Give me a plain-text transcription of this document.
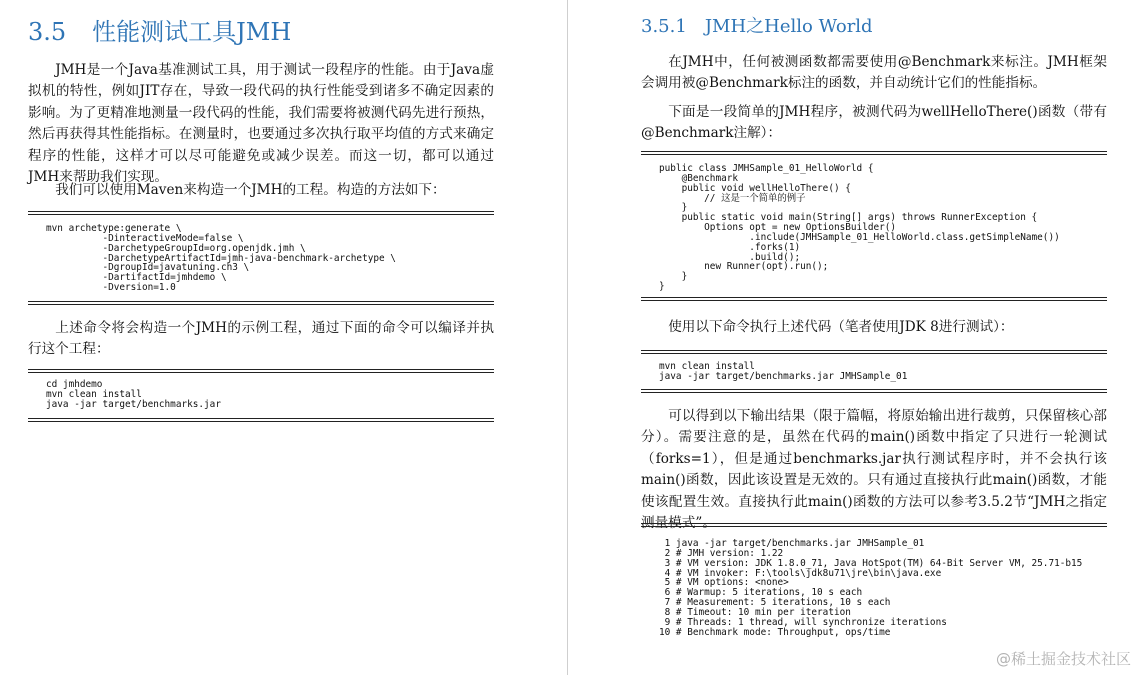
3.5 性能测试工具JMH

JMH是一个Java基准测试工具，用于测试一段程序的性能。由于Java虚拟机的特性，例如JIT存在，导致一段代码的执行性能受到诸多不确定因素的影响。为了更精准地测量一段代码的性能，我们需要将被测代码先进行预热，然后再获得其性能指标。在测量时，也要通过多次执行取平均值的方式来确定程序的性能，这样才可以尽可能避免或减少误差。而这一切，都可以通过JMH来帮助我们实现。

我们可以使用Maven来构造一个JMH的工程。构造的方法如下：

mvn archetype:generate \
-DinteractiveMode=false \
-DarchetypeGroupId=org.openjdk.jmh \
-DarchetypeArtifactId=jmh-java-benchmark-archetype \
-DgroupId=javatuning.ch3 \
-DartifactId=jmhdemo \
-Dversion=1.0

上述命令将会构造一个JMH的示例工程，通过下面的命令可以编译并执行这个工程：

cd jmhdemo
mvn clean install
java -jar target/benchmarks.jar
3.5.1 JMH之Hello World

在JMH中，任何被测函数都需要使用@Benchmark来标注。JMH框架会调用被@Benchmark标注的函数，并自动统计它们的性能指标。

下面是一段简单的JMH程序，被测代码为wellHelloThere()函数（带有@Benchmark注解）：

public class JMHSample_01_HelloWorld {
@Benchmark
public void wellHelloThere() {
// 这是一个简单的例子
}
public static void main(String[] args) throws RunnerException {
Options opt = new OptionsBuilder()
.include(JMHSample_01_HelloWorld.class.getSimpleName())
.forks(1)
.build();
new Runner(opt).run();
}
}

使用以下命令执行上述代码（笔者使用JDK 8进行测试）：

mvn clean install
java -jar target/benchmarks.jar JMHSample_01

可以得到以下输出结果（限于篇幅，将原始输出进行裁剪，只保留核心部分）。需要注意的是，虽然在代码的main()函数中指定了只进行一轮测试（forks=1），但是通过benchmarks.jar执行测试程序时，并不会执行该main()函数，因此该设置是无效的。只有通过直接执行此main()函数，才能使该配置生效。直接执行此main()函数的方法可以参考3.5.2节“JMH之指定测量模式”。

1 java -jar target/benchmarks.jar JMHSample_01
2 # JMH version: 1.22
3 # VM version: JDK 1.8.0_71, Java HotSpot(TM) 64-Bit Server VM, 25.71-b15
4 # VM invoker: F:\tools\jdk8u71\jre\bin\java.exe
5 # VM options: <none>
6 # Warmup: 5 iterations, 10 s each
7 # Measurement: 5 iterations, 10 s each
8 # Timeout: 10 min per iteration
9 # Threads: 1 thread, will synchronize iterations
10 # Benchmark mode: Throughput, ops/time
@稀土掘金技术社区
